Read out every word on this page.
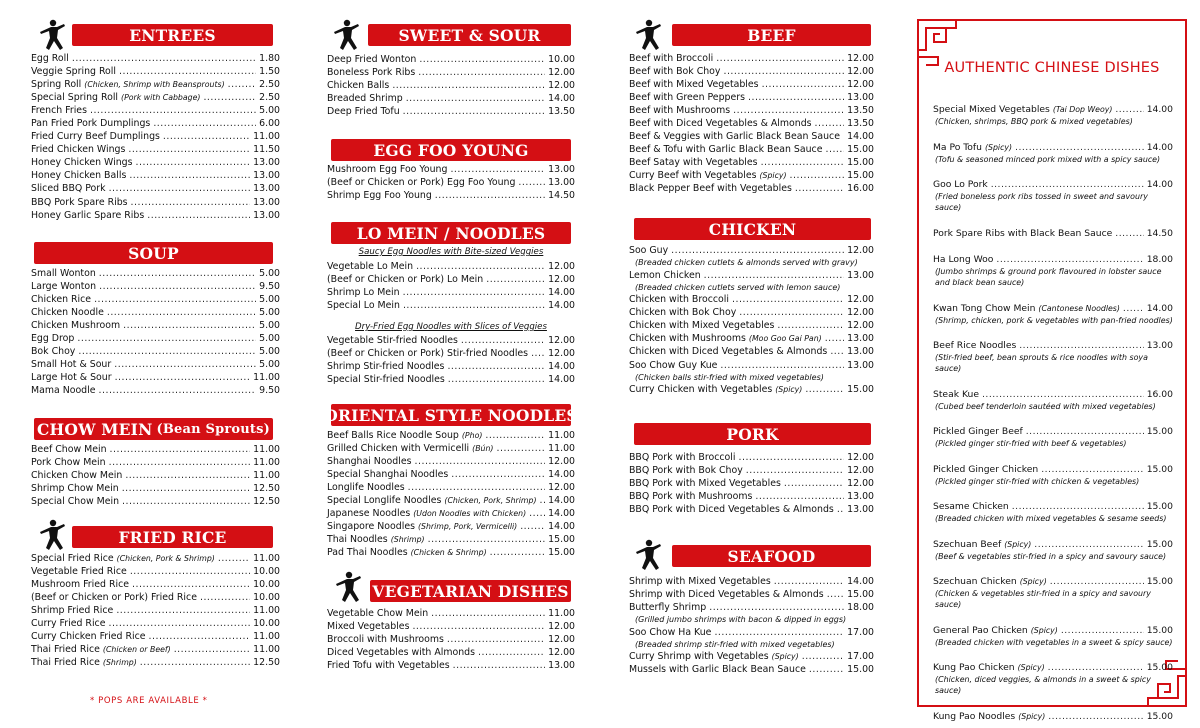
ENTREES
Egg Roll .....	1.80
Veggie Spring Roll .....	1.50
Spring Roll (Chicken, Shrimp with Beansprouts) .....	2.50
Special Spring Roll (Pork with Cabbage) .....	2.50
French Fries .....	5.00
Pan Fried Pork Dumplings .....	6.00
Fried Curry Beef Dumplings .....	11.00
Fried Chicken Wings .....	11.50
Honey Chicken Wings .....	13.00
Honey Chicken Balls .....	13.00
Sliced BBQ Pork .....	13.00
BBQ Pork Spare Ribs .....	13.00
Honey Garlic Spare Ribs .....	13.00
SOUP
Small Wonton .....	5.00
Large Wonton .....	9.50
Chicken Rice .....	5.00
Chicken Noodle .....	5.00
Chicken Mushroom .....	5.00
Egg Drop .....	5.00
Bok Choy .....	5.00
Small Hot & Sour .....	5.00
Large Hot & Sour .....	11.00
Mama Noodle .....	9.50
CHOW MEIN (Bean Sprouts)
Beef Chow Mein .....	11.00
Pork Chow Mein .....	11.00
Chicken Chow Mein .....	11.00
Shrimp Chow Mein .....	12.50
Special Chow Mein .....	12.50
FRIED RICE
Special Fried Rice (Chicken, Pork & Shrimp) .....	11.00
Vegetable Fried Rice .....	10.00
Mushroom Fried Rice .....	10.00
(Beef or Chicken or Pork) Fried Rice .....	10.00
Shrimp Fried Rice .....	11.00
Curry Fried Rice .....	10.00
Curry Chicken Fried Rice .....	11.00
Thai Fried Rice (Chicken or Beef) .....	11.00
Thai Fried Rice (Shrimp) .....	12.50
* POPS ARE AVAILABLE *
SWEET & SOUR
Deep Fried Wonton .....	10.00
Boneless Pork Ribs .....	12.00
Chicken Balls .....	12.00
Breaded Shrimp .....	14.00
Deep Fried Tofu .....	13.50
EGG FOO YOUNG
Mushroom Egg Foo Young .....	13.00
(Beef or Chicken or Pork) Egg Foo Young .....	13.00
Shrimp Egg Foo Young .....	14.50
LO MEIN / NOODLES
Saucy Egg Noodles with Bite-sized Veggies
Vegetable Lo Mein .....	12.00
(Beef or Chicken or Pork) Lo Mein .....	12.00
Shrimp Lo Mein .....	14.00
Special Lo Mein .....	14.00
Dry-Fried Egg Noodles with Slices of Veggies
Vegetable Stir-fried Noodles .....	12.00
(Beef or Chicken or Pork) Stir-fried Noodles ..... 12.00
Shrimp Stir-fried Noodles .....	14.00
Special Stir-fried Noodles .....	14.00
ORIENTAL STYLE NOODLES
Beef Balls Rice Noodle Soup (Pho) .....	11.00
Grilled Chicken with Vermicelli (Bún) .....	11.00
Shanghai Noodles .....	12.00
Special Shanghai Noodles .....	14.00
Longlife Noodles .....	12.00
Special Longlife Noodles (Chicken, Pork, Shrimp) ..... 14.00
Japanese Noodles (Udon Noodles with Chicken) ..... 14.00
Singapore Noodles (Shrimp, Pork, Vermicelli) .....	14.00
Thai Noodles (Shrimp) .....	15.00
Pad Thai Noodles (Chicken & Shrimp) .....	15.00
VEGETARIAN DISHES
Vegetable Chow Mein .....	11.00
Mixed Vegetables .....	12.00
Broccoli with Mushrooms .....	12.00
Diced Vegetables with Almonds .....	12.00
Fried Tofu with Vegetables .....	13.00
BEEF
Beef with Broccoli .....	12.00
Beef with Bok Choy .....	12.00
Beef with Mixed Vegetables .....	12.00
Beef with Green Peppers .....	13.00
Beef with Mushrooms .....	13.50
Beef with Diced Vegetables & Almonds .....	13.50
Beef & Veggies with Garlic Black Bean Sauce ..... 14.00
Beef & Tofu with Garlic Black Bean Sauce .....	15.00
Beef Satay with Vegetables .....	15.00
Curry Beef with Vegetables (Spicy) .....	15.00
Black Pepper Beef with Vegetables .....	16.00
CHICKEN
Soo Guy .....	12.00
(Breaded chicken cutlets & almonds served with gravy)
Lemon Chicken .....	13.00
(Breaded chicken cutlets served with lemon sauce)
Chicken with Broccoli .....	12.00
Chicken with Bok Choy .....	12.00
Chicken with Mixed Vegetables .....	12.00
Chicken with Mushrooms (Moo Goo Gai Pan) .....	13.00
Chicken with Diced Vegetables & Almonds ..... 13.00
Soo Chow Guy Kue .....	13.00
(Chicken balls stir-fried with mixed vegetables)
Curry Chicken with Vegetables (Spicy) .....	15.00
PORK
BBQ Pork with Broccoli .....	12.00
BBQ Pork with Bok Choy .....	12.00
BBQ Pork with Mixed Vegetables .....	12.00
BBQ Pork with Mushrooms .....	13.00
BBQ Pork with Diced Vegetables & Almonds ..... 13.00
SEAFOOD
Shrimp with Mixed Vegetables .....	14.00
Shrimp with Diced Vegetables & Almonds ..... 15.00
Butterfly Shrimp .....	18.00
(Grilled jumbo shrimps with bacon & dipped in eggs)
Soo Chow Ha Kue .....	17.00
(Breaded shrimp stir-fried with mixed vegetables)
Curry Shrimp with Vegetables (Spicy) .....	17.00
Mussels with Garlic Black Bean Sauce .....	15.00
AUTHENTIC CHINESE DISHES
Special Mixed Vegetables (Tai Dop Weoy) .....	14.00
(Chicken, shrimps, BBQ pork & mixed vegetables)
Ma Po Tofu (Spicy) .....	14.00
(Tofu & seasoned minced pork mixed with a spicy sauce)
Goo Lo Pork .....	14.00
(Fried boneless pork ribs tossed in sweet and savoury sauce)
Pork Spare Ribs with Black Bean Sauce .....	14.50
Ha Long Woo .....	18.00
(Jumbo shrimps & ground pork flavoured in lobster sauce and black bean sauce)
Kwan Tong Chow Mein (Cantonese Noodles) .....	14.00
(Shrimp, chicken, pork & vegetables with pan-fried noodles)
Beef Rice Noodles .....	13.00
(Stir-fried beef, bean sprouts & rice noodles with soya sauce)
Steak Kue .....	16.00
(Cubed beef tenderloin sautéed with mixed vegetables)
Pickled Ginger Beef .....	15.00
(Pickled ginger stir-fried with beef & vegetables)
Pickled Ginger Chicken .....	15.00
(Pickled ginger stir-fried with chicken & vegetables)
Sesame Chicken .....	15.00
(Breaded chicken with mixed vegetables & sesame seeds)
Szechuan Beef (Spicy) .....	15.00
(Beef & vegetables stir-fried in a spicy and savoury sauce)
Szechuan Chicken (Spicy) .....	15.00
(Chicken & vegetables stir-fried in a spicy and savoury sauce)
General Pao Chicken (Spicy) .....	15.00
(Breaded chicken with vegetables in a sweet & spicy sauce)
Kung Pao Chicken (Spicy) .....	15.00
(Chicken, diced veggies, & almonds in a sweet & spicy sauce)
Kung Pao Noodles (Spicy) .....	15.00
